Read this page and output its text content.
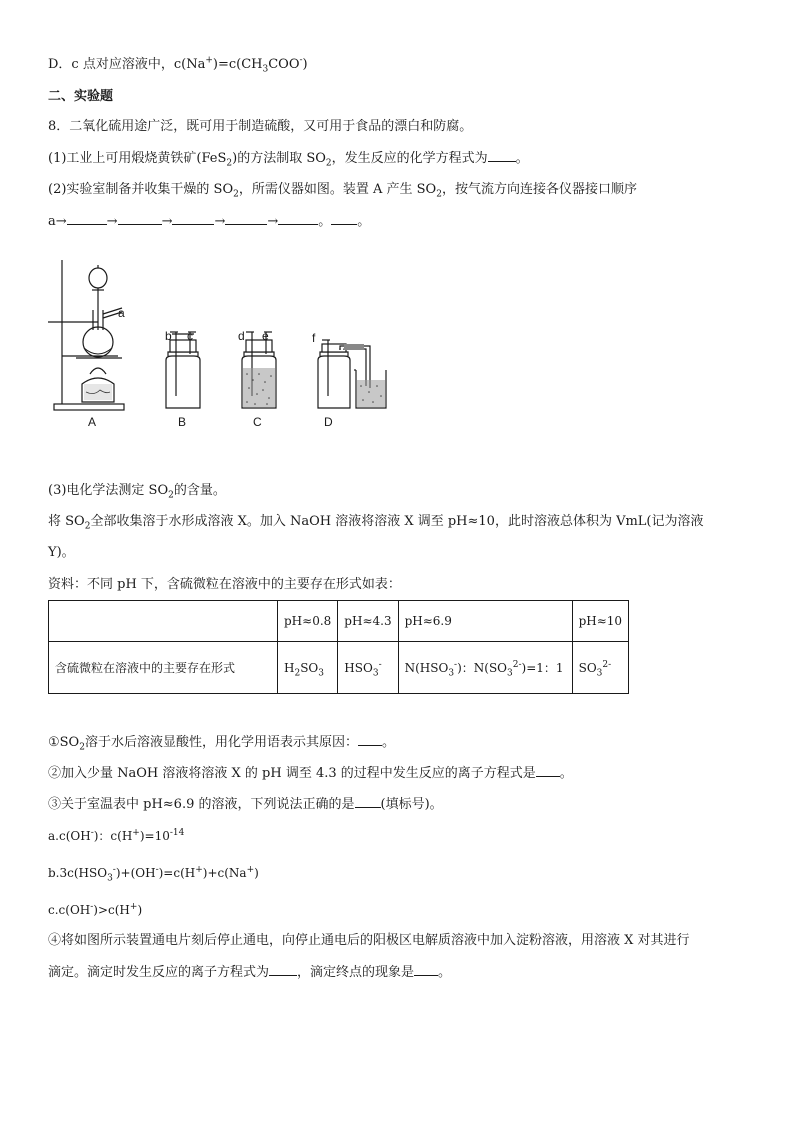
D．c 点对应溶液中，$c(Na^+)=c(CH_3COO^-)$
二、实验题
8．二氧化硫用途广泛，既可用于制造硫酸，又可用于食品的漂白和防腐。
(1)工业上可用煅烧黄铁矿(FeS$_2$)的方法制取 $SO_2$，发生反应的化学方程式为 。
(2)实验室制备并收集干燥的 $SO_2$，所需仪器如图。装置 A 产生 $SO_2$，按气流方向连接各仪器接口顺序
a→	→	→	→	→	。 。
a
b c	d e	f
A	B	C	D
(3)电化学法测定 $SO_2$的含量。
将 $SO_2$全部收集溶于水形成溶液 X。加入 NaOH 溶液将溶液 X 调至 pH≈10，此时溶液总体积为 VmL(记为溶液
Y)。
资料：不同 pH 下，含硫微粒在溶液中的主要存在形式如表：
	pH≈0.8	pH≈4.3	pH≈6.9	pH≈10
含硫微粒在溶液中的主要存在形式	$H_2SO_3$	$HSO_3^-$	$N(HSO_3^-)$：$N(SO_3^{2-})=1$：1	$SO_3^{2-}$
$①SO_2$溶于水后溶液显酸性，用化学用语表示其原因： 。
②加入少量 NaOH 溶液将溶液 X 的 pH 调至 4.3 的过程中发生反应的离子方程式是 。
③关于室温表中 pH≈6.9 的溶液，下列说法正确的是 (填标号)。
a.c(OH-)：$c(H^+)=10^{-14}$
$b.3c(HSO_3^-)+(OH^-)=c(H^+)+c(Na^+)$
c.c(OH-)>c(H+)
④将如图所示装置通电片刻后停止通电，向停止通电后的阳极区电解质溶液中加入淀粉溶液，用溶液 X 对其进行
滴定。滴定时发生反应的离子方程式为 ，滴定终点的现象是 。
